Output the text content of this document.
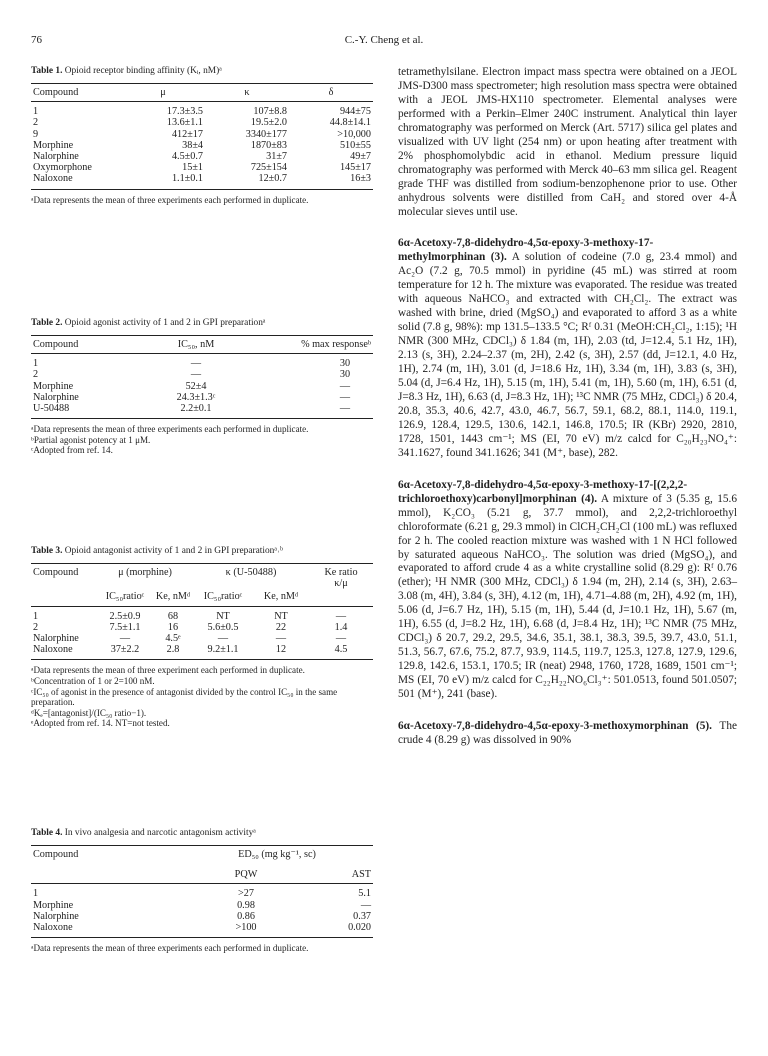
76	C.-Y. Cheng et al.
Table 1. Opioid receptor binding affinity (Kᵢ, nM)ᵃ
Compound	μ	κ	δ

1	17.3±3.5	107±8.8	944±75
2	13.6±1.1	19.5±2.0	44.8±14.1
9	412±17	3340±177	>10,000
Morphine	38±4	1870±83	510±55
Nalorphine	4.5±0.7	31±7	49±7
Oxymorphone	15±1	725±154	145±17
Naloxone	1.1±0.1	12±0.7	16±3

ᵃData represents the mean of three experiments each performed in duplicate.

Table 2. Opioid agonist activity of 1 and 2 in GPI preparationᵃ
Compound	IC₅₀, nM	% max responseᵇ

1	—	30
2	—	30
Morphine	52±4	—
Nalorphine	24.3±1.3ᶜ	—
U-50488	2.2±0.1	—

ᵃData represents the mean of three experiments each performed in duplicate.

ᵇPartial agonist potency at 1 μM.

ᶜAdopted from ref. 14.

Table 3. Opioid antagonist activity of 1 and 2 in GPI preparationᵃ˒ᵇ
Compound	μ (morphine)		κ (U-50488)		Ke ratio
					κ/μ
	IC₅₀ratioᶜ	Ke, nMᵈ	IC₅₀ratioᶜ	Ke, nMᵈ	

1	2.5±0.9	68	NT	NT	—
2	7.5±1.1	16	5.6±0.5	22	1.4
Nalorphine	—	4.5ᵉ	—	—	—
Naloxone	37±2.2	2.8	9.2±1.1	12	4.5

ᵃData represents the mean of three experiment each performed in duplicate.

ᵇConcentration of 1 or 2=100 nM.

ᶜIC₅₀ of agonist in the presence of antagonist divided by the control IC₅₀ in the same preparation.

ᵈKₑ=[antagonist]/(IC₅₀ ratio−1).

ᵉAdopted from ref. 14. NT=not tested.

Table 4. In vivo analgesia and narcotic antagonism activityᵃ
Compound	ED₅₀ (mg kg⁻¹, sc)	
	PQW	AST

1	>27	5.1
Morphine	0.98	—
Nalorphine	0.86	0.37
Naloxone	>100	0.020

ᵃData represents the mean of three experiments each performed in duplicate.

tetramethylsilane. Electron impact mass spectra were obtained on a JEOL JMS-D300 mass spectrometer; high resolution mass spectra were obtained with a JEOL JMS-HX110 spectrometer. Elemental analyses were performed with a Perkin–Elmer 240C instrument. Analytical thin layer chromatography was performed on Merck (Art. 5717) silica gel plates and visualized with UV light (254 nm) or upon heating after treatment with 2% phosphomolybdic acid in ethanol. Medium pressure liquid chromatography was performed with Merck 40–63 mm silica gel. Reagent grade THF was distilled from sodium-benzophenone prior to use. Other anhydrous solvents were distilled from CaH₂ and stored over 4-Å molecular sieves until use.

6α-Acetoxy-7,8-didehydro-4,5α-epoxy-3-methoxy-17-methylmorphinan (3). A solution of codeine (7.0 g, 23.4 mmol) and Ac₂O (7.2 g, 70.5 mmol) in pyridine (45 mL) was stirred at room temperature for 12 h. The mixture was evaporated. The residue was treated with aqueous NaHCO₃ and extracted with CH₂Cl₂. The extract was washed with brine, dried (MgSO₄) and evaporated to afford 3 as a white solid (7.8 g, 98%): mp 131.5–133.5 °C; Rᶠ 0.31 (MeOH:CH₂Cl₂, 1:15); ¹H NMR (300 MHz, CDCl₃) δ 1.84 (m, 1H), 2.03 (td, J=12.4, 5.1 Hz, 1H), 2.13 (s, 3H), 2.24–2.37 (m, 2H), 2.42 (s, 3H), 2.57 (dd, J=12.1, 4.0 Hz, 1H), 2.74 (m, 1H), 3.01 (d, J=18.6 Hz, 1H), 3.34 (m, 1H), 3.83 (s, 3H), 5.04 (d, J=6.4 Hz, 1H), 5.15 (m, 1H), 5.41 (m, 1H), 5.60 (m, 1H), 6.51 (d, J=8.3 Hz, 1H), 6.63 (d, J=8.3 Hz, 1H); ¹³C NMR (75 MHz, CDCl₃) δ 20.4, 20.8, 35.3, 40.6, 42.7, 43.0, 46.7, 56.7, 59.1, 68.2, 88.1, 114.0, 119.1, 126.9, 128.4, 129.5, 130.6, 142.1, 146.8, 170.5; IR (KBr) 2920, 2810, 1728, 1501, 1443 cm⁻¹; MS (EI, 70 eV) m/z calcd for C₂₀H₂₃NO₄⁺: 341.1627, found 341.1626; 341 (M⁺, base), 282.

6α-Acetoxy-7,8-didehydro-4,5α-epoxy-3-methoxy-17-[(2,2,2-trichloroethoxy)carbonyl]morphinan (4). A mixture of 3 (5.35 g, 15.6 mmol), K₂CO₃ (5.21 g, 37.7 mmol), and 2,2,2-trichloroethyl chloroformate (6.21 g, 29.3 mmol) in ClCH₂CH₂Cl (100 mL) was refluxed for 2 h. The cooled reaction mixture was washed with 1 N HCl followed by saturated aqueous NaHCO₃. The solution was dried (MgSO₄), and evaporated to afford crude 4 as a white crystalline solid (8.29 g): Rᶠ 0.76 (ether); ¹H NMR (300 MHz, CDCl₃) δ 1.94 (m, 2H), 2.14 (s, 3H), 2.63–3.08 (m, 4H), 3.84 (s, 3H), 4.12 (m, 1H), 4.71–4.88 (m, 2H), 4.92 (m, 1H), 5.06 (d, J=6.7 Hz, 1H), 5.15 (m, 1H), 5.44 (d, J=10.1 Hz, 1H), 5.67 (m, 1H), 6.55 (d, J=8.2 Hz, 1H), 6.68 (d, J=8.4 Hz, 1H); ¹³C NMR (75 MHz, CDCl₃) δ 20.7, 29.2, 29.5, 34.6, 35.1, 38.1, 38.3, 39.5, 39.7, 43.0, 51.1, 51.3, 56.7, 67.6, 75.2, 87.7, 93.9, 114.5, 119.7, 125.3, 127.8, 127.9, 129.6, 129.8, 142.6, 153.1, 170.5; IR (neat) 2948, 1760, 1728, 1689, 1501 cm⁻¹; MS (EI, 70 eV) m/z calcd for C₂₂H₂₂NO₆Cl₃⁺: 501.0513, found 501.0507; 501 (M⁺), 241 (base).

6α-Acetoxy-7,8-didehydro-4,5α-epoxy-3-methoxymorphinan (5). The crude 4 (8.29 g) was dissolved in 90%
